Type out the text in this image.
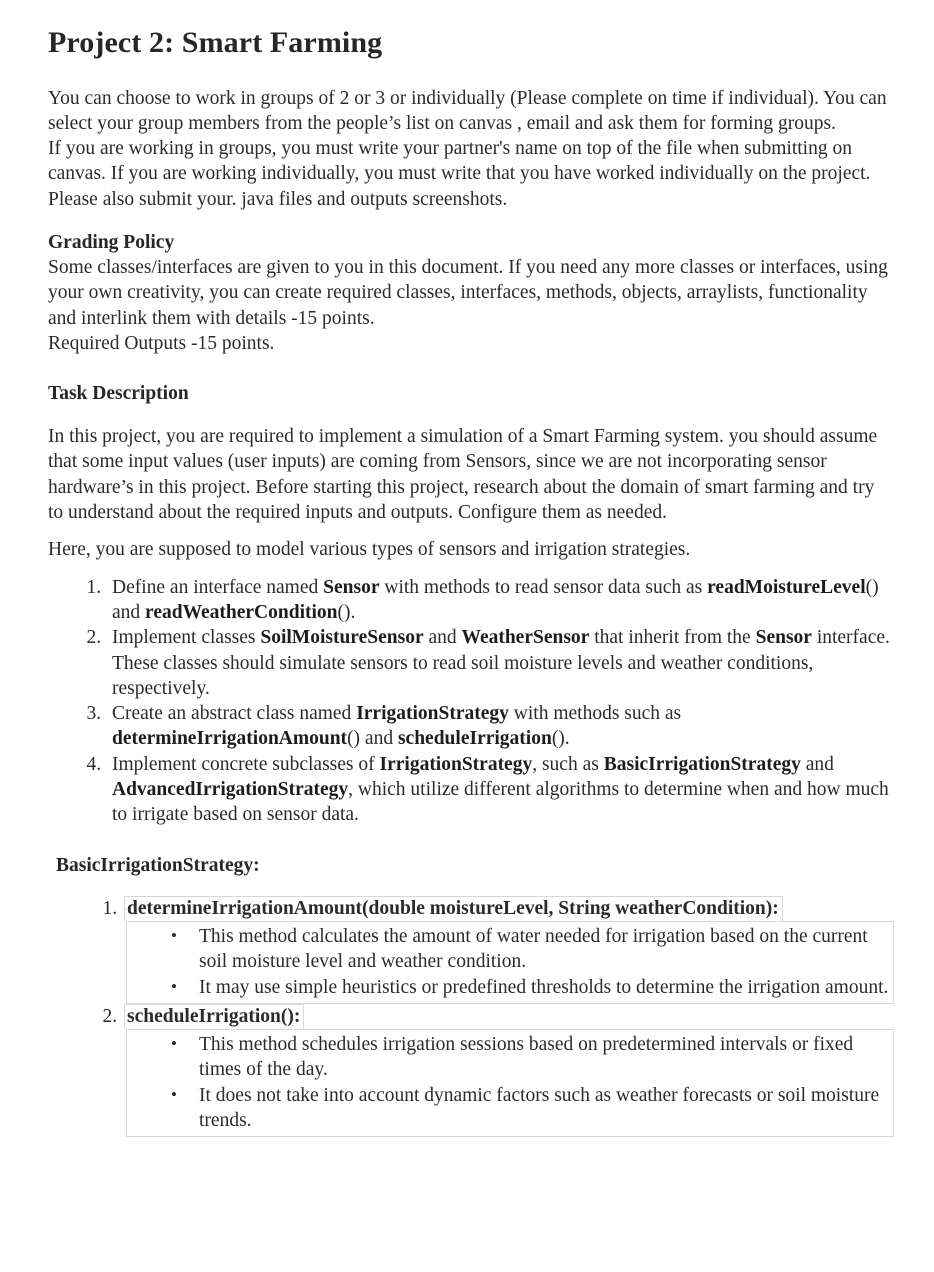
Project 2: Smart Farming

You can choose to work in groups of 2 or 3 or individually (Please complete on time if individual). You can select your group members from the people’s list on canvas , email and ask them for forming groups.

If you are working in groups, you must write your partner's name on top of the file when submitting on canvas. If you are working individually, you must write that you have worked individually on the project. Please also submit your. java files and outputs screenshots.

Grading Policy

Some classes/interfaces are given to you in this document. If you need any more classes or interfaces, using your own creativity, you can create required classes, interfaces, methods, objects, arraylists, functionality and interlink them with details -15 points.

Required Outputs -15 points.

Task Description

In this project, you are required to implement a simulation of a Smart Farming system. you should assume that some input values (user inputs) are coming from Sensors, since we are not incorporating sensor hardware’s in this project. Before starting this project, research about the domain of smart farming and try to understand about the required inputs and outputs. Configure them as needed.

Here, you are supposed to model various types of sensors and irrigation strategies.

1. Define an interface named Sensor with methods to read sensor data such as readMoistureLevel() and readWeatherCondition().
2. Implement classes SoilMoistureSensor and WeatherSensor that inherit from the Sensor interface. These classes should simulate sensors to read soil moisture levels and weather conditions, respectively.
3. Create an abstract class named IrrigationStrategy with methods such as determineIrrigationAmount() and scheduleIrrigation().
4. Implement concrete subclasses of IrrigationStrategy, such as BasicIrrigationStrategy and AdvancedIrrigationStrategy, which utilize different algorithms to determine when and how much to irrigate based on sensor data.
BasicIrrigationStrategy:
1. determineIrrigationAmount(double moistureLevel, String weatherCondition):
• This method calculates the amount of water needed for irrigation based on the current soil moisture level and weather condition.
• It may use simple heuristics or predefined thresholds to determine the irrigation amount.
2. scheduleIrrigation():
• This method schedules irrigation sessions based on predetermined intervals or fixed times of the day.
• It does not take into account dynamic factors such as weather forecasts or soil moisture trends.
